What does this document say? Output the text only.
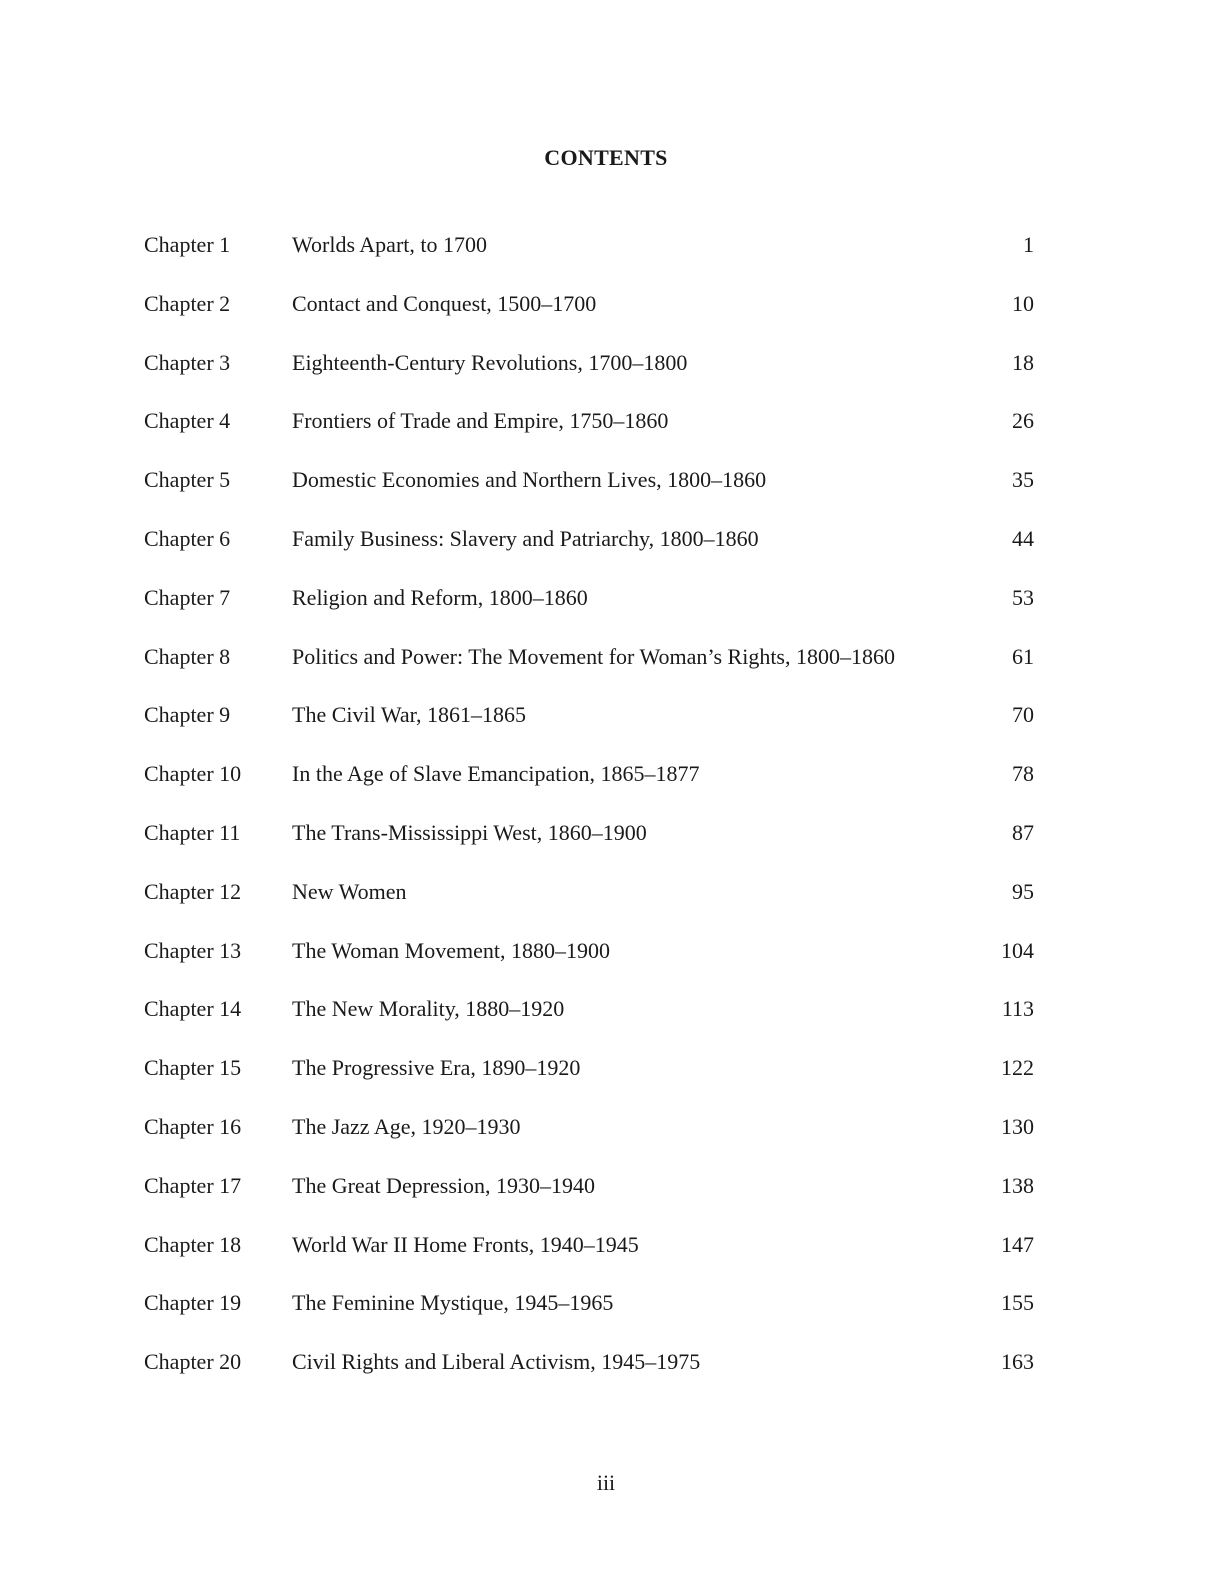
CONTENTS
Chapter 1	Worlds Apart, to 1700	1
Chapter 2	Contact and Conquest, 1500–1700	10
Chapter 3	Eighteenth-Century Revolutions, 1700–1800	18
Chapter 4	Frontiers of Trade and Empire, 1750–1860	26
Chapter 5	Domestic Economies and Northern Lives, 1800–1860	35
Chapter 6	Family Business: Slavery and Patriarchy, 1800–1860	44
Chapter 7	Religion and Reform, 1800–1860	53
Chapter 8	Politics and Power: The Movement for Woman’s Rights, 1800–1860	61
Chapter 9	The Civil War, 1861–1865	70
Chapter 10 In the Age of Slave Emancipation, 1865–1877	78
Chapter 11 The Trans-Mississippi West, 1860–1900	87
Chapter 12 New Women	95
Chapter 13 The Woman Movement, 1880–1900	104
Chapter 14 The New Morality, 1880–1920	113
Chapter 15 The Progressive Era, 1890–1920	122
Chapter 16 The Jazz Age, 1920–1930	130
Chapter 17 The Great Depression, 1930–1940	138
Chapter 18 World War II Home Fronts, 1940–1945	147
Chapter 19 The Feminine Mystique, 1945–1965	155
Chapter 20 Civil Rights and Liberal Activism, 1945–1975	163
iii
